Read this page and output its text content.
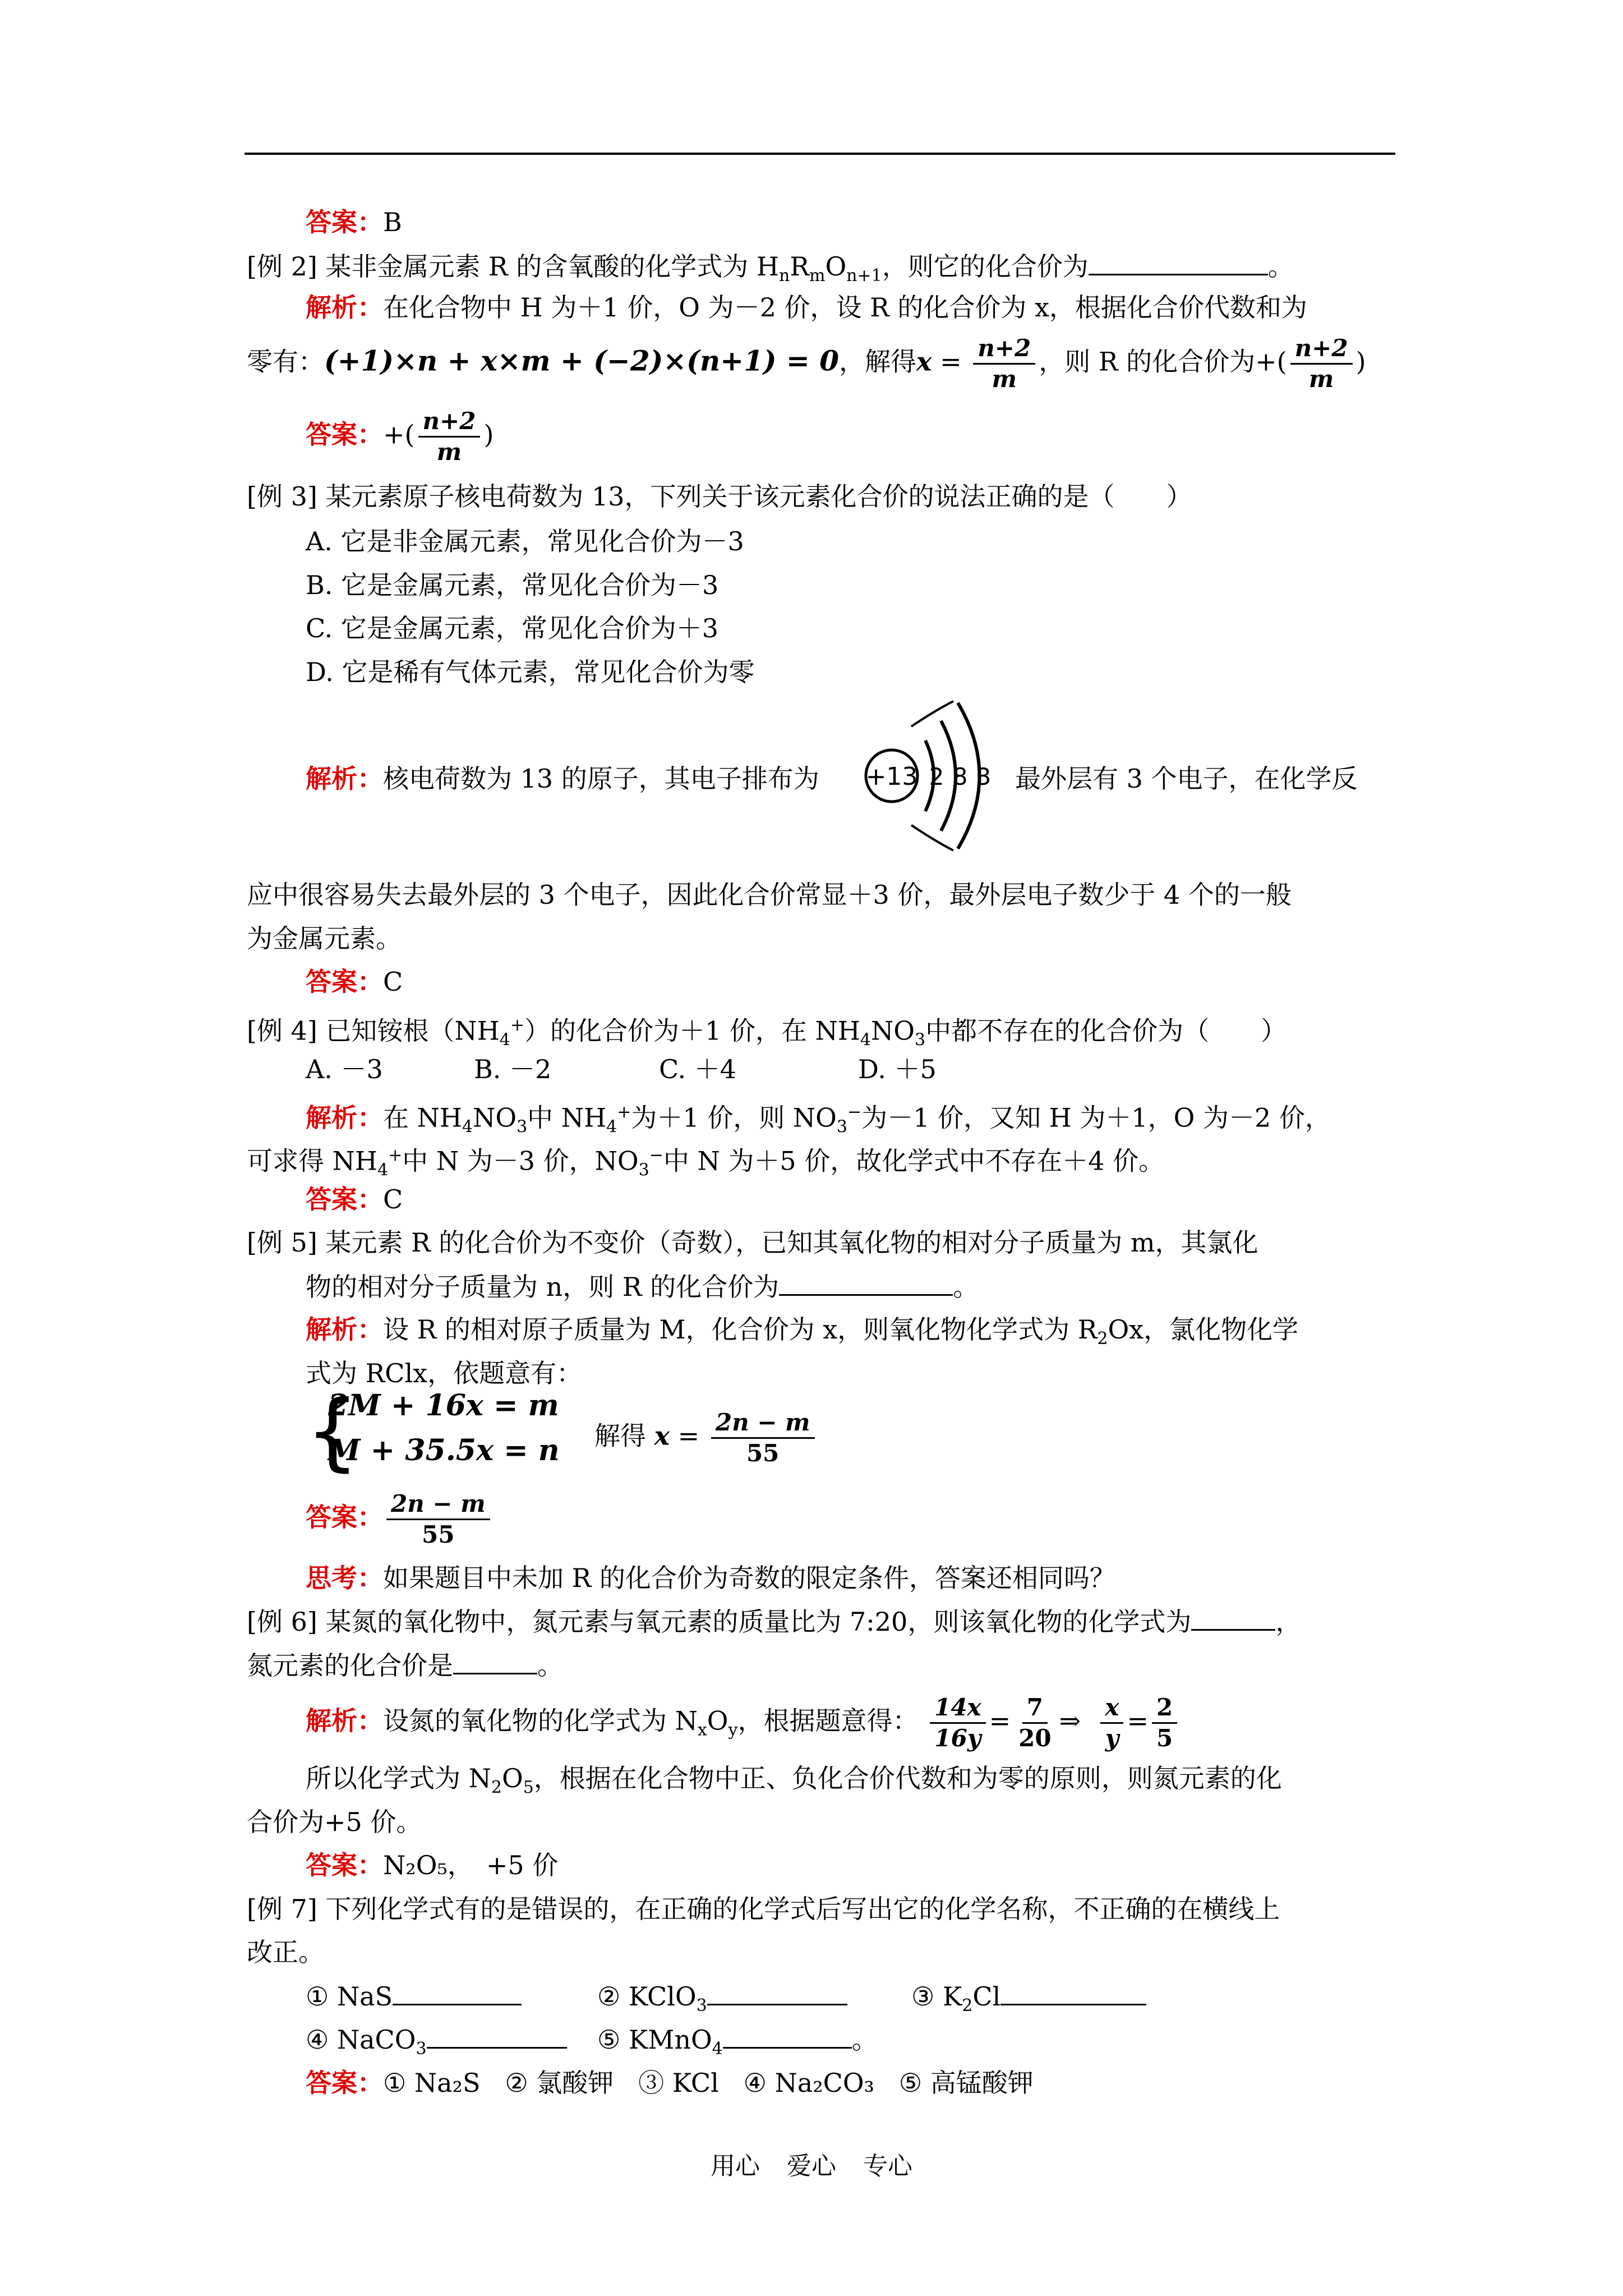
答案：B
[例 2] 某非金属元素 R 的含氧酸的化学式为 $H_nR_mO_{n+1}$，则它的化合价为	。
解析：在化合物中 H 为＋1 价，O 为－2 价，设 R 的化合价为 x，根据化合价代数和为
零有：(+1)×n + x×m + (−2)×(n+1) = 0，解得$x = \frac{n+2}{m}$ ，则 R 的化合价为+( $\frac{n+2}{m}$ )
答案：+( $\frac{n+2}{m}$ )
[例 3] 某元素原子核电荷数为 13，下列关于该元素化合价的说法正确的是（　　）
A. 它是非金属元素，常见化合价为－3
B. 它是金属元素，常见化合价为－3
C. 它是金属元素，常见化合价为＋3
D. 它是稀有气体元素，常见化合价为零
解析：核电荷数为 13 的原子，其电子排布为 +13 2 8 3 最外层有 3 个电子，在化学反
应中很容易失去最外层的 3 个电子，因此化合价常显＋3 价，最外层电子数少于 4 个的一般
为金属元素。
答案：C
[例 4] 已知铵根$(NH_4^+)$的化合价为＋1 价，在 $NH_4NO_3$中都不存在的化合价为（　　）
A. －3	B. －2	C. ＋4	D. ＋5
解析：在 $NH_4NO_3$中 $NH_4^+$为＋1 价，则 $NO_3^-$为－1 价，又知 H 为＋1，O 为－2 价，
可求得 $NH_4^+$中 N 为－3 价，$NO_3^-$中 N 为＋5 价，故化学式中不存在＋4 价。
答案：C
[例 5] 某元素 R 的化合价为不变价（奇数），已知其氧化物的相对分子质量为 m，其氯化
物的相对分子质量为 n，则 R 的化合价为	。
解析：设 R 的相对原子质量为 M，化合价为 x，则氧化物化学式为 $R_2Ox$，氯化物化学
式为 RClx，依题意有：
{
2M + 16x = m
M + 35.5x = n 解得 $x = \frac{2n - m}{55}$
答案： $\frac{2n - m}{55}$
思考：如果题目中未加 R 的化合价为奇数的限定条件，答案还相同吗？
[例 6] 某氮的氧化物中，氮元素与氧元素的质量比为 7:20，则该氧化物的化学式为	，
氮元素的化合价是	。
解析：设氮的氧化物的化学式为 $N_xO_y$，根据题意得： $\frac{14x}{16y} = \frac{7}{20}$ ⇒ $\frac{x}{y} = \frac{2}{5}$
所以化学式为 $N_2O_5$，根据在化合物中正、负化合价代数和为零的原则，则氮元素的化
合价为+5 价。
答案：N₂O₅，　+5 价
[例 7] 下列化学式有的是错误的，在正确的化学式后写出它的化学名称，不正确的在横线上
改正。
① NaS	② KClO$_3$	③ $K_2Cl$
④ NaCO$_3$	⑤ KMnO$_4$	。
答案：① Na₂S ② 氯酸钾 ③ KCl ④ Na₂CO₃ ⑤ 高锰酸钾
用心 爱心 专心
